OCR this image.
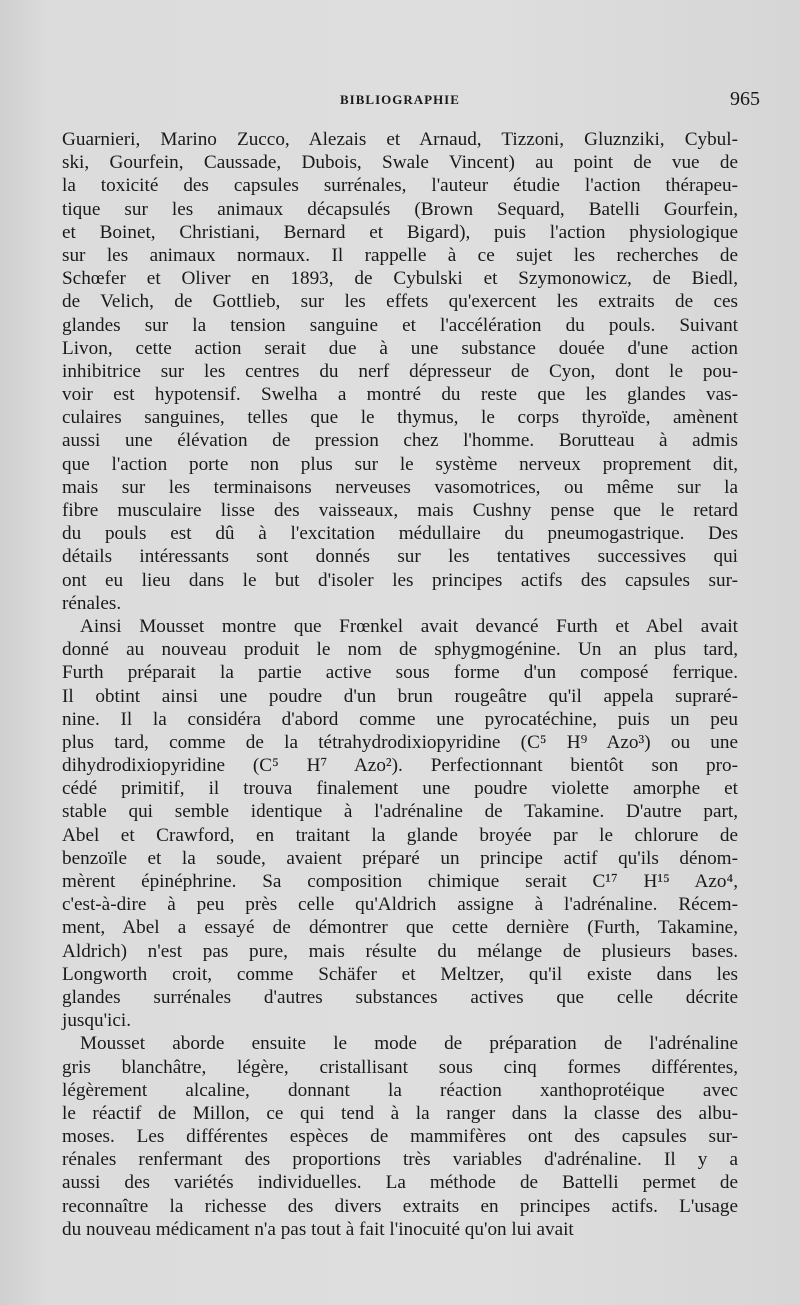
BIBLIOGRAPHIE	965
Guarnieri, Marino Zucco, Alezais et Arnaud, Tizzoni, Gluznziki, Cybul-
ski, Gourfein, Caussade, Dubois, Swale Vincent) au point de vue de
la toxicité des capsules surrénales, l'auteur étudie l'action thérapeu-
tique sur les animaux décapsulés (Brown Sequard, Batelli Gourfein,
et Boinet, Christiani, Bernard et Bigard), puis l'action physiologique
sur les animaux normaux. Il rappelle à ce sujet les recherches de
Schœfer et Oliver en 1893, de Cybulski et Szymonowicz, de Biedl,
de Velich, de Gottlieb, sur les effets qu'exercent les extraits de ces
glandes sur la tension sanguine et l'accélération du pouls. Suivant
Livon, cette action serait due à une substance douée d'une action
inhibitrice sur les centres du nerf dépresseur de Cyon, dont le pou-
voir est hypotensif. Swelha a montré du reste que les glandes vas-
culaires sanguines, telles que le thymus, le corps thyroïde, amènent
aussi une élévation de pression chez l'homme. Borutteau à admis
que l'action porte non plus sur le système nerveux proprement dit,
mais sur les terminaisons nerveuses vasomotrices, ou même sur la
fibre musculaire lisse des vaisseaux, mais Cushny pense que le retard
du pouls est dû à l'excitation médullaire du pneumogastrique. Des
détails intéressants sont donnés sur les tentatives successives qui
ont eu lieu dans le but d'isoler les principes actifs des capsules sur-
rénales.
Ainsi Mousset montre que Frœnkel avait devancé Furth et Abel avait
donné au nouveau produit le nom de sphygmogénine. Un an plus tard,
Furth préparait la partie active sous forme d'un composé ferrique.
Il obtint ainsi une poudre d'un brun rougeâtre qu'il appela supraré-
nine. Il la considéra d'abord comme une pyrocatéchine, puis un peu
plus tard, comme de la tétrahydrodixiopyridine (C⁵ H⁹ Azo³) ou une
dihydrodixiopyridine (C⁵ H⁷ Azo²). Perfectionnant bientôt son pro-
cédé primitif, il trouva finalement une poudre violette amorphe et
stable qui semble identique à l'adrénaline de Takamine. D'autre part,
Abel et Crawford, en traitant la glande broyée par le chlorure de
benzoïle et la soude, avaient préparé un principe actif qu'ils dénom-
mèrent épinéphrine. Sa composition chimique serait C¹⁷ H¹⁵ Azo⁴,
c'est-à-dire à peu près celle qu'Aldrich assigne à l'adrénaline. Récem-
ment, Abel a essayé de démontrer que cette dernière (Furth, Takamine,
Aldrich) n'est pas pure, mais résulte du mélange de plusieurs bases.
Longworth croit, comme Schäfer et Meltzer, qu'il existe dans les
glandes surrénales d'autres substances actives que celle décrite
jusqu'ici.
Mousset aborde ensuite le mode de préparation de l'adrénaline
gris blanchâtre, légère, cristallisant sous cinq formes différentes,
légèrement alcaline, donnant la réaction xanthoprotéique avec
le réactif de Millon, ce qui tend à la ranger dans la classe des albu-
moses. Les différentes espèces de mammifères ont des capsules sur-
rénales renfermant des proportions très variables d'adrénaline. Il y a
aussi des variétés individuelles. La méthode de Battelli permet de
reconnaître la richesse des divers extraits en principes actifs. L'usage
du nouveau médicament n'a pas tout à fait l'inocuité qu'on lui avait
